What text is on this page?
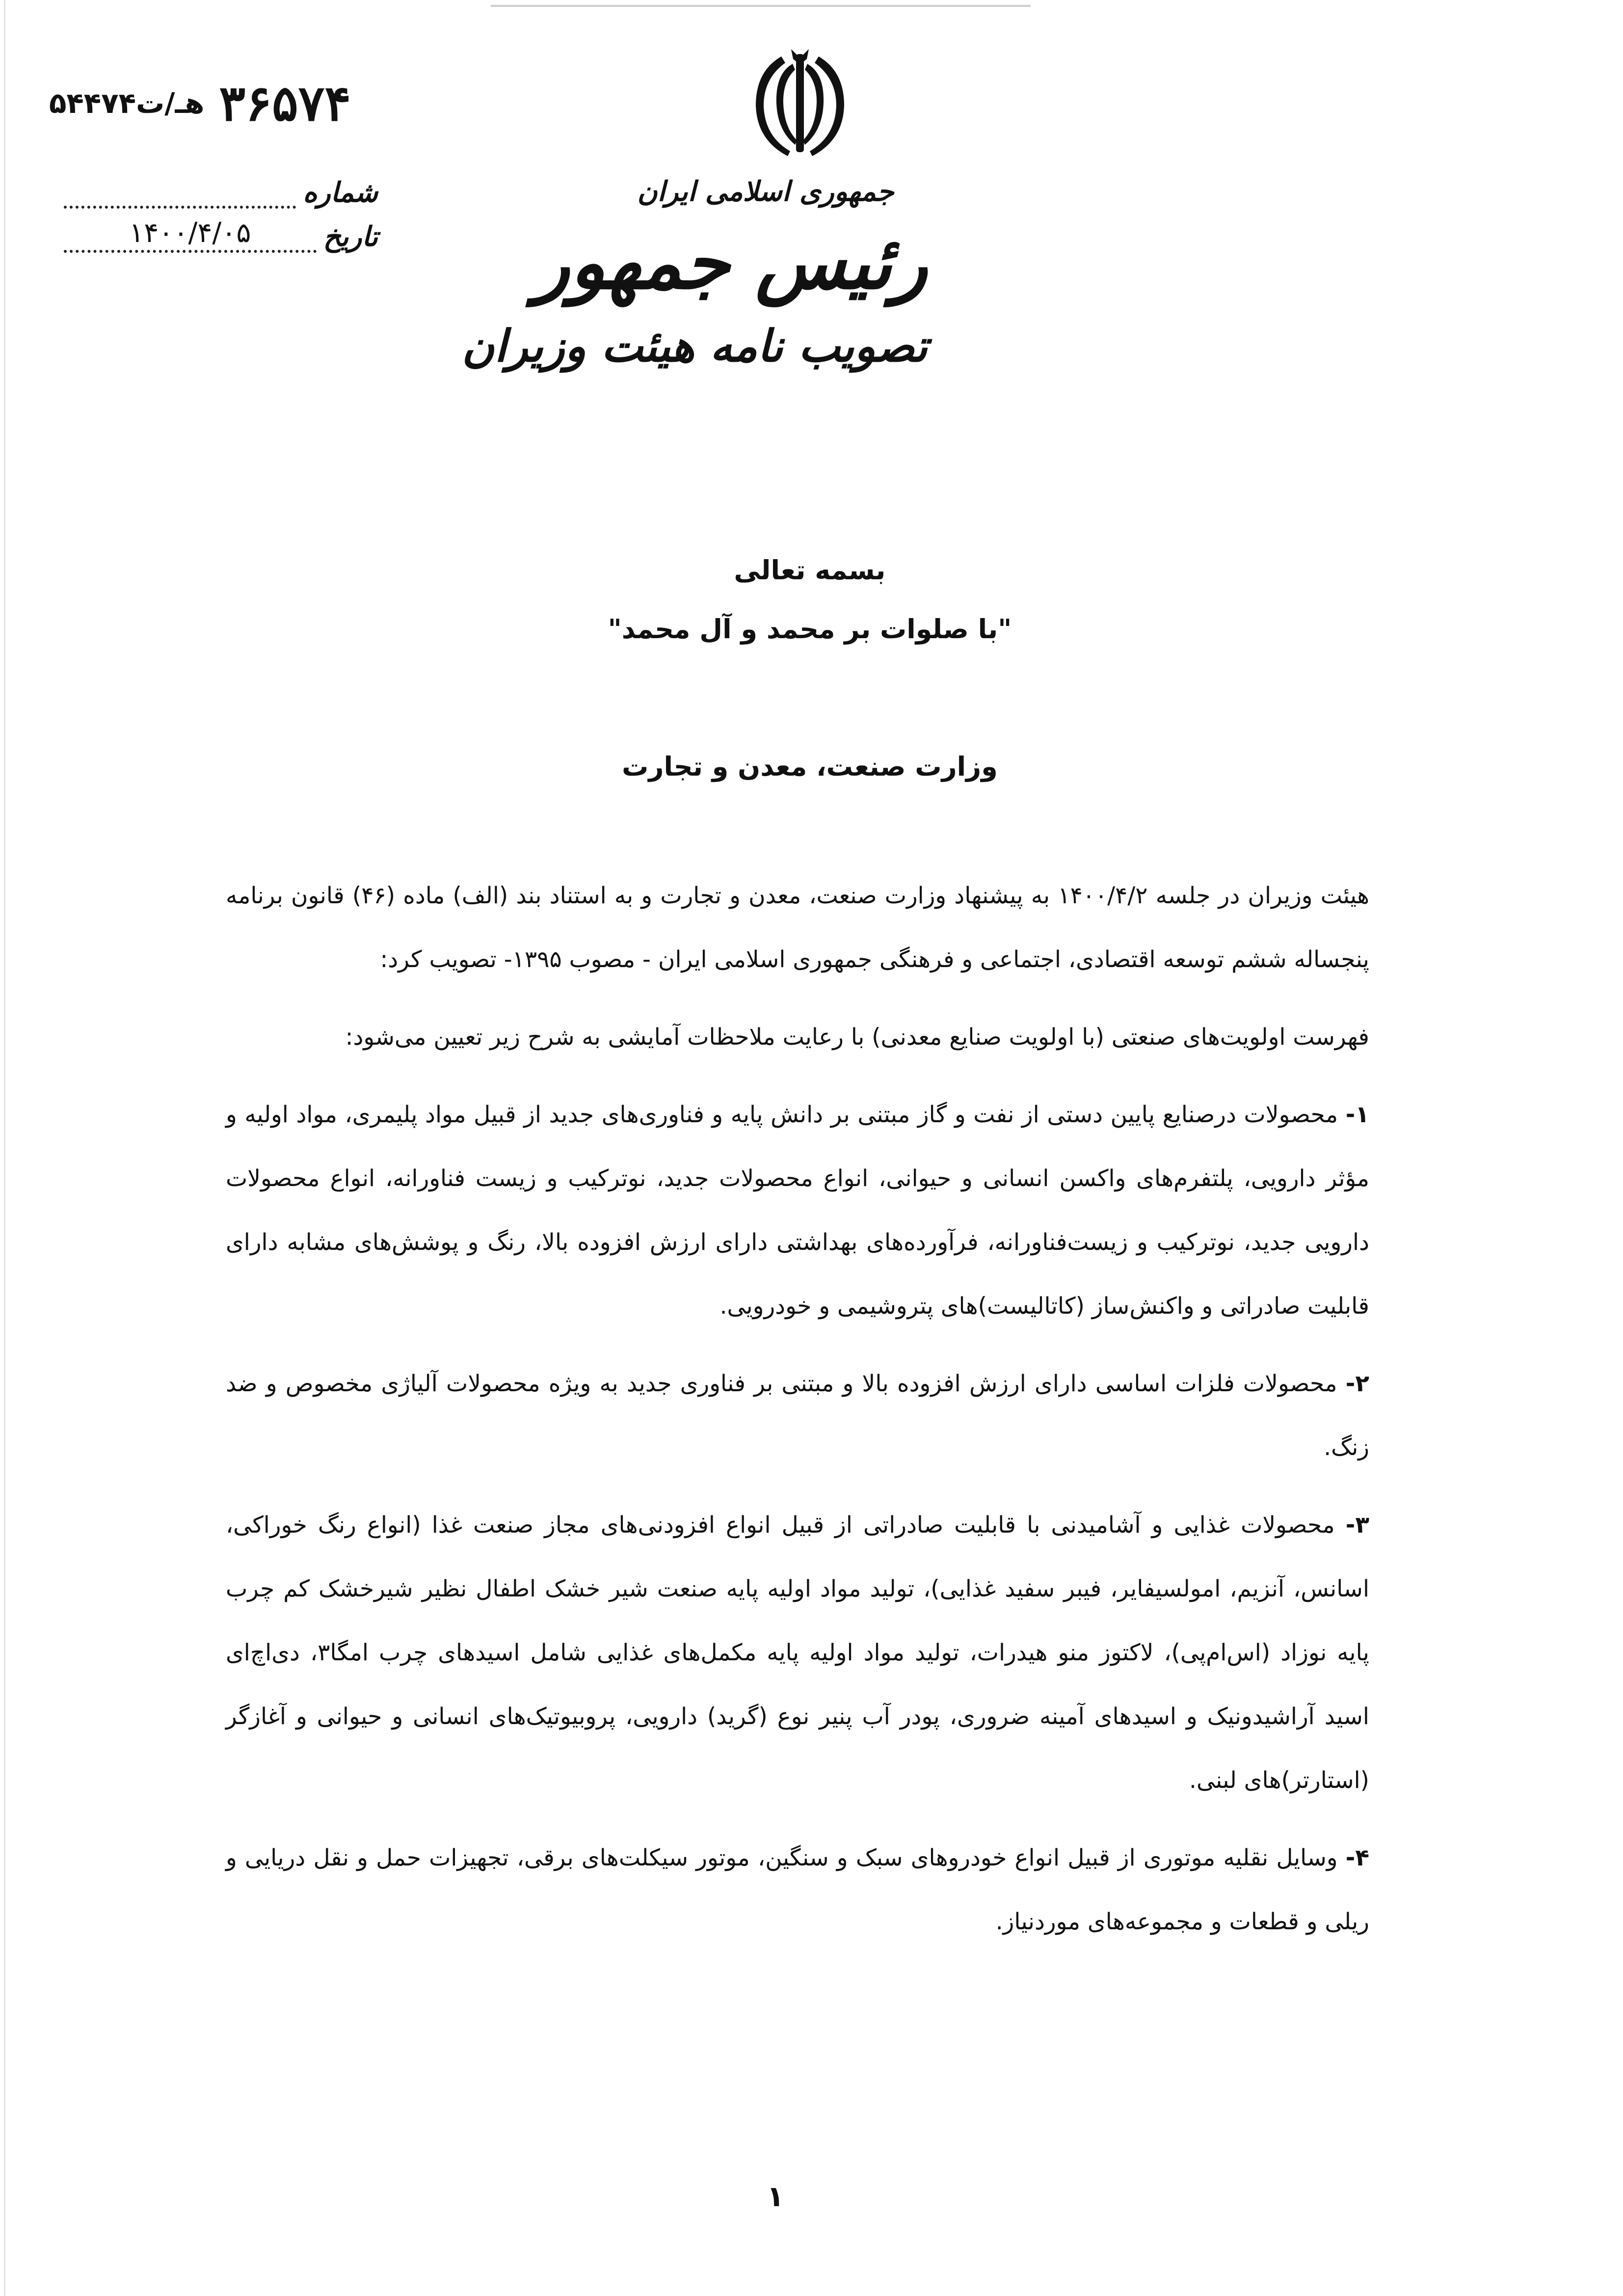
۵۴۴۷۴هـ/ت ۳۶۵۷۴
شماره
تاریخ
۱۴۰۰/۴/۰۵
جمهوری اسلامی ایران
رئیس جمهور
تصویب نامه هیئت وزیران
بسمه تعالی
"با صلوات بر محمد و آل محمد"
وزارت صنعت، معدن و تجارت

هیئت وزیران در جلسه ۱۴۰۰/۴/۲ به پیشنهاد وزارت صنعت، معدن و تجارت و به استناد بند (الف) ماده (۴۶) قانون برنامه پنجساله ششم توسعه اقتصادی، اجتماعی و فرهنگی جمهوری اسلامی ایران - مصوب ۱۳۹۵- تصویب کرد:

فهرست اولویت‌های صنعتی (با اولویت صنایع معدنی) با رعایت ملاحظات آمایشی به شرح زیر تعیین می‌شود:

۱- محصولات درصنایع پایین دستی از نفت و گاز مبتنی بر دانش پایه و فناوری‌های جدید از قبیل مواد پلیمری، مواد اولیه و مؤثر دارویی، پلتفرم‌های واکسن انسانی و حیوانی، انواع محصولات جدید، نوترکیب و زیست فناورانه، انواع محصولات دارویی جدید، نوترکیب و زیست‌فناورانه، فرآورده‌های بهداشتی دارای ارزش افزوده بالا، رنگ و پوشش‌های مشابه دارای قابلیت صادراتی و واکنش‌ساز (کاتالیست)های پتروشیمی و خودرویی.

۲- محصولات فلزات اساسی دارای ارزش افزوده بالا و مبتنی بر فناوری جدید به ویژه محصولات آلیاژی مخصوص و ضد زنگ.

۳- محصولات غذایی و آشامیدنی با قابلیت صادراتی از قبیل انواع افزودنی‌های مجاز صنعت غذا (انواع رنگ خوراکی، اسانس، آنزیم، امولسیفایر، فیبر سفید غذایی)، تولید مواد اولیه پایه صنعت شیر خشک اطفال نظیر شیرخشک کم چرب پایه نوزاد (اس‌ام‌پی)، لاکتوز منو هیدرات، تولید مواد اولیه پایه مکمل‌های غذایی شامل اسیدهای چرب امگا۳، دی‌اچ‌ای اسید آراشیدونیک و اسیدهای آمینه ضروری، پودر آب پنیر نوع (گرید) دارویی، پروبیوتیک‌های انسانی و حیوانی و آغازگر (استارتر)های لبنی.

۴- وسایل نقلیه موتوری از قبیل انواع خودروهای سبک و سنگین، موتور سیکلت‌های برقی، تجهیزات حمل و نقل دریایی و ریلی و قطعات و مجموعه‌های موردنیاز.

۱
